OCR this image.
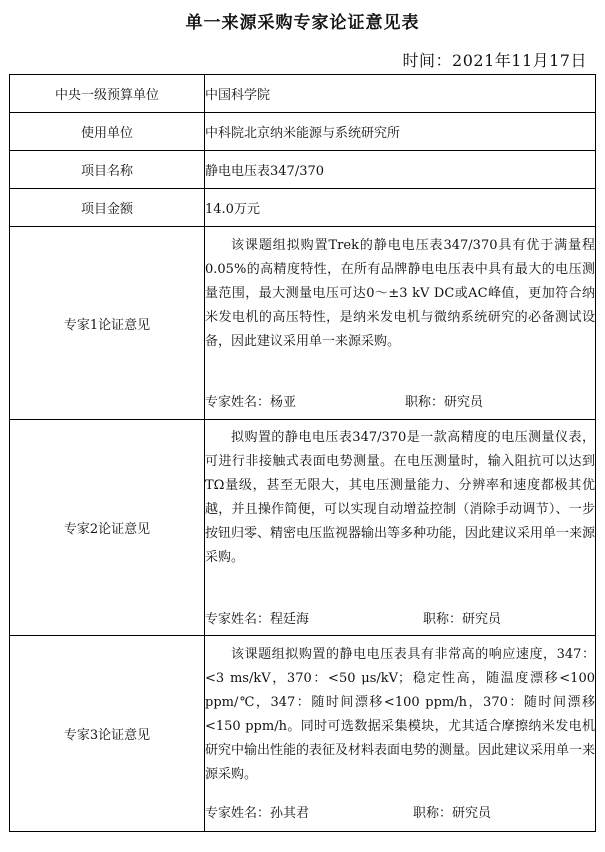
单一来源采购专家论证意见表
时间：2021年11月17日
中央一级预算单位	中国科学院
使用单位	中科院北京纳米能源与系统研究所
项目名称	静电电压表347/370
项目金额	14.0万元
专家1论证意见	该课题组拟购置Trek的静电电压表347/370具有优于满量程0.05%的高精度特性，在所有品牌静电电压表中具有最大的电压测量范围，最大测量电压可达0～±3 kV DC或AC峰值，更加符合纳米发电机的高压特性，是纳米发电机与微纳系统研究的必备测试设备，因此建议采用单一来源采购。
专家姓名：杨亚 职称：研究员

专家2论证意见	拟购置的静电电压表347/370是一款高精度的电压测量仪表，可进行非接触式表面电势测量。在电压测量时，输入阻抗可以达到TΩ量级，甚至无限大，其电压测量能力、分辨率和速度都极其优越，并且操作简便，可以实现自动增益控制（消除手动调节）、一步按钮归零、精密电压监视器输出等多种功能，因此建议采用单一来源采购。
专家姓名：程廷海 职称：研究员

专家3论证意见	该课题组拟购置的静电电压表具有非常高的响应速度，347：<3 ms/kV，370：<50 μs/kV；稳定性高，随温度漂移<100 ppm/℃，347：随时间漂移<100 ppm/h，370：随时间漂移<150 ppm/h。同时可选数据采集模块，尤其适合摩擦纳米发电机研究中输出性能的表征及材料表面电势的测量。因此建议采用单一来源采购。
专家姓名：孙其君 职称：研究员
